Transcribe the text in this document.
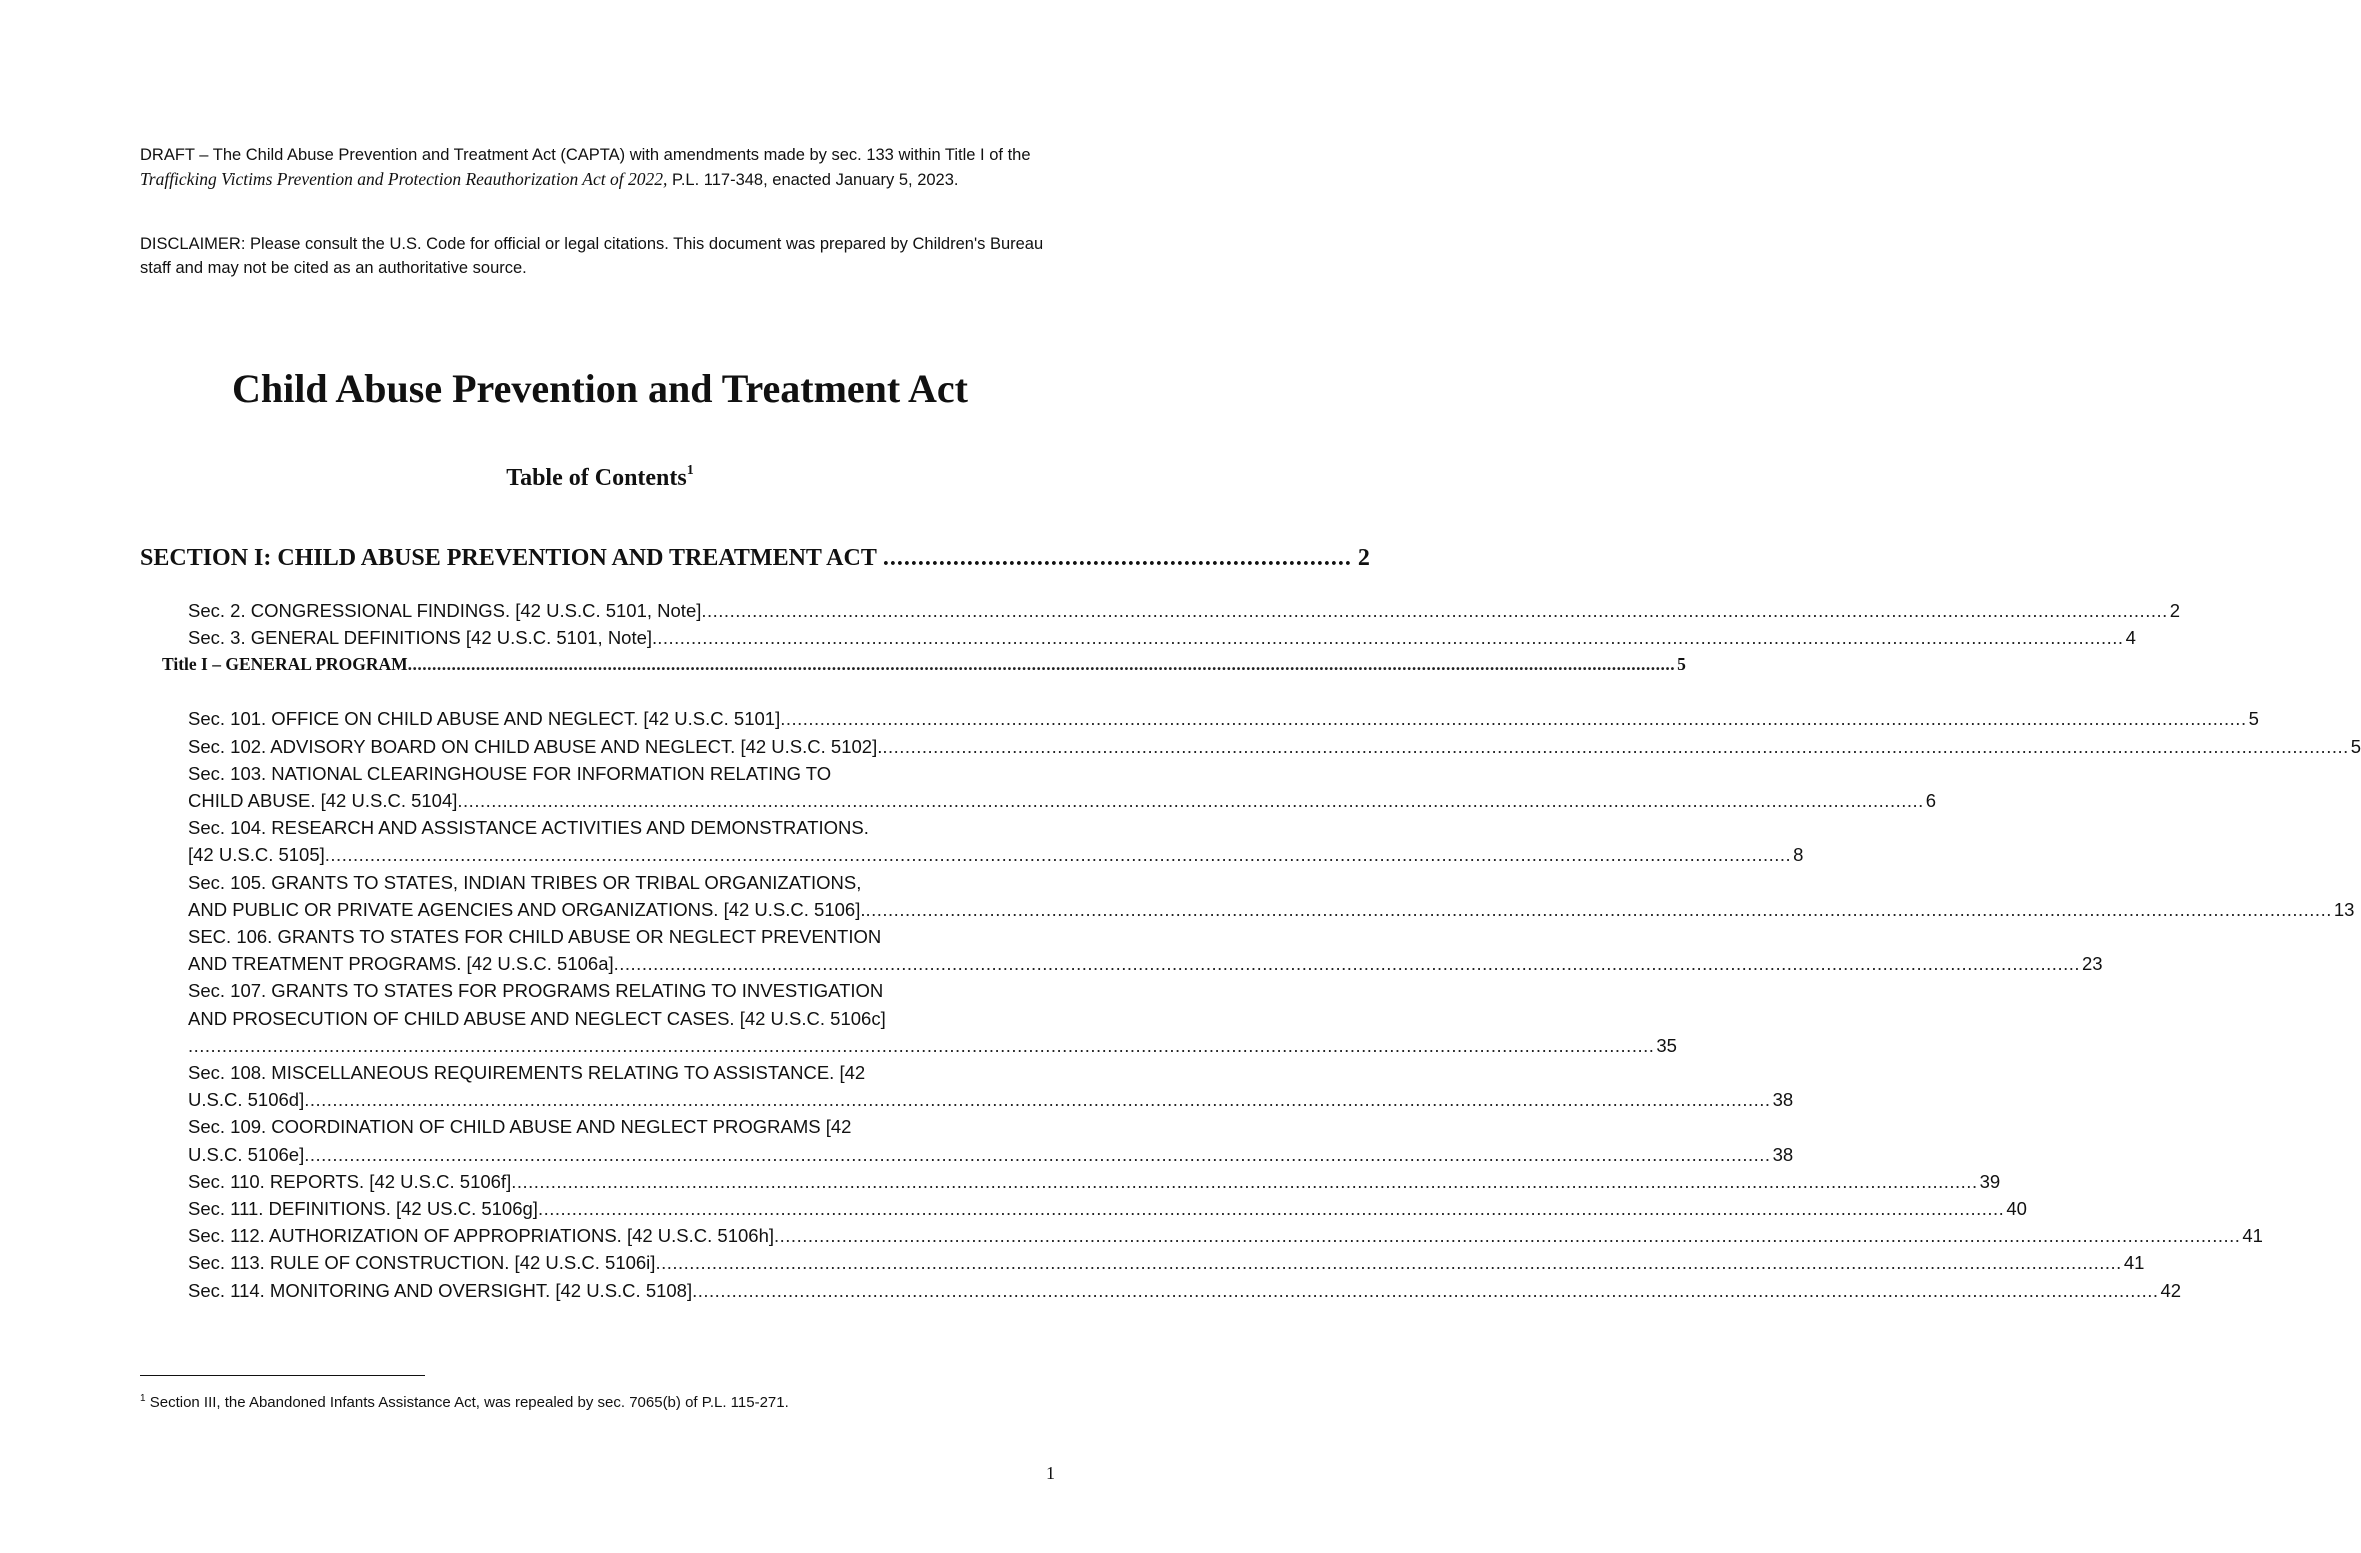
DRAFT – The Child Abuse Prevention and Treatment Act (CAPTA) with amendments made by sec. 133 within Title I of the Trafficking Victims Prevention and Protection Reauthorization Act of 2022, P.L. 117-348, enacted January 5, 2023.
DISCLAIMER: Please consult the U.S. Code for official or legal citations. This document was prepared by Children's Bureau staff and may not be cited as an authoritative source.
Child Abuse Prevention and Treatment Act
Table of Contents$^1$
SECTION I: CHILD ABUSE PREVENTION AND TREATMENT ACT ................................................................... 2
Sec. 2. CONGRESSIONAL FINDINGS. [42 U.S.C. 5101, Note] .................................................................................................................................................................................................................................................................... 2
Sec. 3. GENERAL DEFINITIONS [42 U.S.C. 5101, Note]. .................................................................................................................................................................................................................................................................... 4
Title I – GENERAL PROGRAM .................................................................................................................................................................................................................................................................... 5
Sec. 101. OFFICE ON CHILD ABUSE AND NEGLECT. [42 U.S.C. 5101] .................................................................................................................................................................................................................................................................... 5
Sec. 102. ADVISORY BOARD ON CHILD ABUSE AND NEGLECT. [42 U.S.C. 5102]. .................................................................................................................................................................................................................................................................... 5
Sec. 103. NATIONAL CLEARINGHOUSE FOR INFORMATION RELATING TO
CHILD ABUSE. [42 U.S.C. 5104] .................................................................................................................................................................................................................................................................... 6
Sec. 104. RESEARCH AND ASSISTANCE ACTIVITIES AND DEMONSTRATIONS.
[42 U.S.C. 5105] .................................................................................................................................................................................................................................................................... 8
Sec. 105. GRANTS TO STATES, INDIAN TRIBES OR TRIBAL ORGANIZATIONS,
AND PUBLIC OR PRIVATE AGENCIES AND ORGANIZATIONS. [42 U.S.C. 5106]. .................................................................................................................................................................................................................................................................... 13
SEC. 106. GRANTS TO STATES FOR CHILD ABUSE OR NEGLECT PREVENTION
AND TREATMENT PROGRAMS. [42 U.S.C. 5106a] .................................................................................................................................................................................................................................................................... 23
Sec. 107. GRANTS TO STATES FOR PROGRAMS RELATING TO INVESTIGATION
AND PROSECUTION OF CHILD ABUSE AND NEGLECT CASES. [42 U.S.C. 5106c]
.................................................................................................................................................................................................................................................................... 35
Sec. 108. MISCELLANEOUS REQUIREMENTS RELATING TO ASSISTANCE. [42
U.S.C. 5106d] .................................................................................................................................................................................................................................................................... 38
Sec. 109. COORDINATION OF CHILD ABUSE AND NEGLECT PROGRAMS [42
U.S.C. 5106e] .................................................................................................................................................................................................................................................................... 38
Sec. 110. REPORTS. [42 U.S.C. 5106f] .................................................................................................................................................................................................................................................................... 39
Sec. 111. DEFINITIONS. [42 US.C. 5106g] .................................................................................................................................................................................................................................................................... 40
Sec. 112. AUTHORIZATION OF APPROPRIATIONS. [42 U.S.C. 5106h] .................................................................................................................................................................................................................................................................... 41
Sec. 113. RULE OF CONSTRUCTION. [42 U.S.C. 5106i] .................................................................................................................................................................................................................................................................... 41
Sec. 114. MONITORING AND OVERSIGHT. [42 U.S.C. 5108] .................................................................................................................................................................................................................................................................... 42
$^1$ Section III, the Abandoned Infants Assistance Act, was repealed by sec. 7065(b) of P.L. 115-271.
1
